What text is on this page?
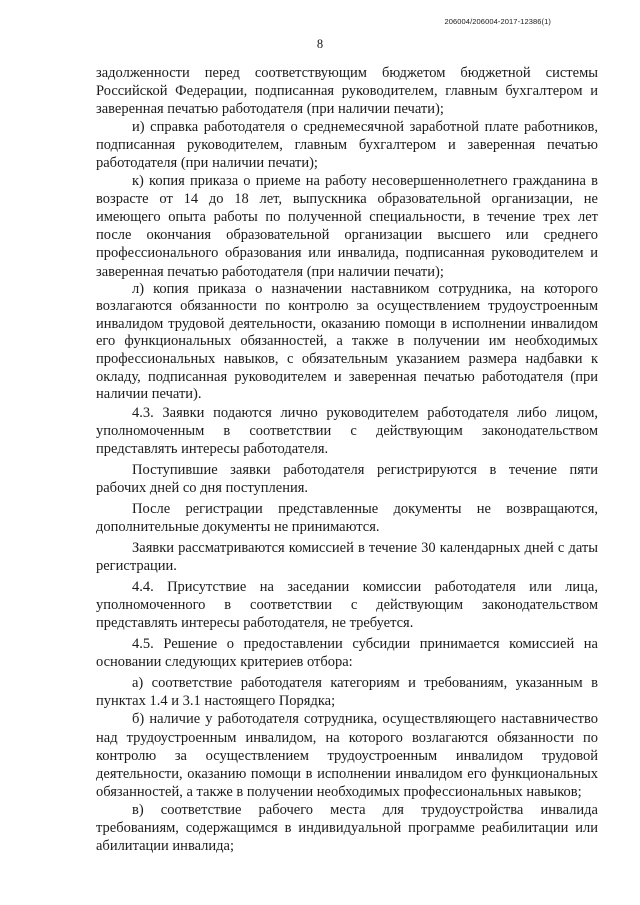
206004/206004-2017-12386(1)
8

задолженности перед соответствующим бюджетом бюджетной системы Российской Федерации, подписанная руководителем, главным бухгалтером и заверенная печатью работодателя (при наличии печати);

и) справка работодателя о среднемесячной заработной плате работников, подписанная руководителем, главным бухгалтером и заверенная печатью работодателя (при наличии печати);

к) копия приказа о приеме на работу несовершеннолетнего гражданина в возрасте от 14 до 18 лет, выпускника образовательной организации, не имеющего опыта работы по полученной специальности, в течение трех лет после окончания образовательной организации высшего или среднего профессионального образования или инвалида, подписанная руководителем и заверенная печатью работодателя (при наличии печати);

л) копия приказа о назначении наставником сотрудника, на которого возлагаются обязанности по контролю за осуществлением трудоустроенным инвалидом трудовой деятельности, оказанию помощи в исполнении инвалидом его функциональных обязанностей, а также в получении им необходимых профессиональных навыков, с обязательным указанием размера надбавки к окладу, подписанная руководителем и заверенная печатью работодателя (при наличии печати).

4.3. Заявки подаются лично руководителем работодателя либо лицом, уполномоченным в соответствии с действующим законодательством представлять интересы работодателя.

Поступившие заявки работодателя регистрируются в течение пяти рабочих дней со дня поступления.

После регистрации представленные документы не возвращаются, дополнительные документы не принимаются.

Заявки рассматриваются комиссией в течение 30 календарных дней с даты регистрации.

4.4. Присутствие на заседании комиссии работодателя или лица, уполномоченного в соответствии с действующим законодательством представлять интересы работодателя, не требуется.

4.5. Решение о предоставлении субсидии принимается комиссией на основании следующих критериев отбора:

а) соответствие работодателя категориям и требованиям, указанным в пунктах 1.4 и 3.1 настоящего Порядка;

б) наличие у работодателя сотрудника, осуществляющего наставничество над трудоустроенным инвалидом, на которого возлагаются обязанности по контролю за осуществлением трудоустроенным инвалидом трудовой деятельности, оказанию помощи в исполнении инвалидом его функциональных обязанностей, а также в получении необходимых профессиональных навыков;

в) соответствие рабочего места для трудоустройства инвалида требованиям, содержащимся в индивидуальной программе реабилитации или абилитации инвалида;
